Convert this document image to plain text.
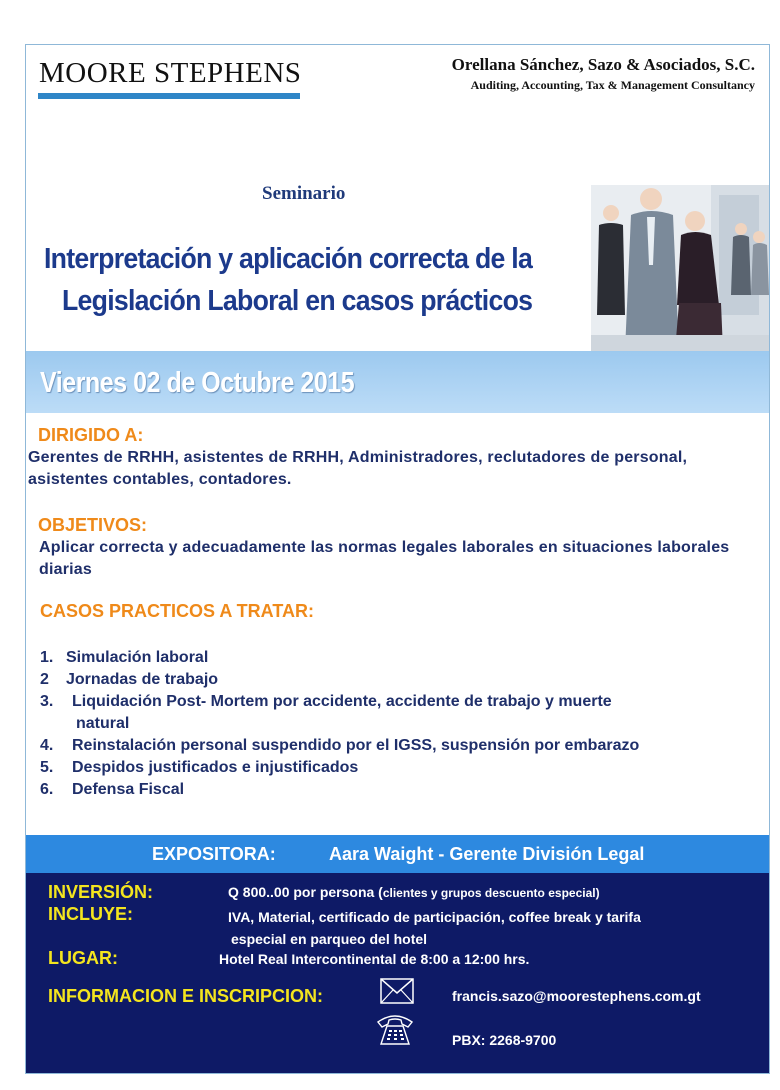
MOORE STEPHENS	Orellana Sánchez, Sazo & Asociados, S.C.
Auditing, Accounting, Tax & Management Consultancy
Seminario
Interpretación y aplicación correcta de la
Legislación Laboral en casos prácticos
Viernes 02 de Octubre 2015
DIRIGIDO A:
Gerentes de RRHH, asistentes de RRHH, Administradores, reclutadores de personal, asistentes contables, contadores.
OBJETIVOS:
Aplicar correcta y adecuadamente las normas legales laborales en situaciones laborales diarias
CASOS PRACTICOS A TRATAR:
1. Simulación laboral
2 Jornadas de trabajo
3. Liquidación Post- Mortem por accidente, accidente de trabajo y muerte
natural
4. Reinstalación personal suspendido por el IGSS, suspensión por embarazo
5. Despidos justificados e injustificados
6. Defensa Fiscal
EXPOSITORA:	Aara Waight - Gerente División Legal
INVERSIÓN:	Q 800..00 por persona (clientes y grupos descuento especial)
INCLUYE:	IVA, Material, certificado de participación, coffee break y tarifa
especial en parqueo del hotel
LUGAR:	Hotel Real Intercontinental de 8:00 a 12:00 hrs.
INFORMACION E INSCRIPCION:	francis.sazo@moorestephens.com.gt
PBX: 2268-9700
